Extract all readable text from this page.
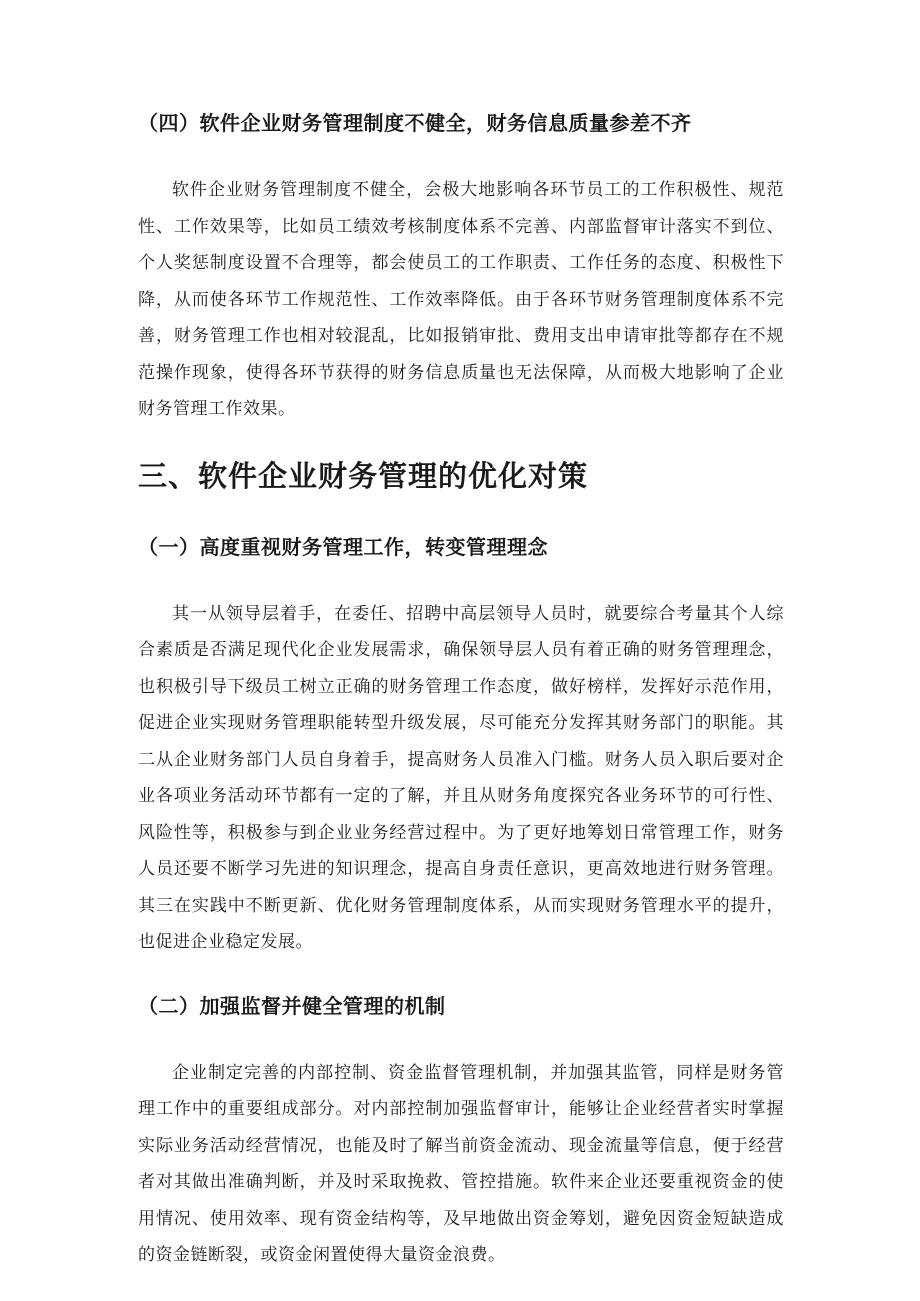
（四）软件企业财务管理制度不健全，财务信息质量参差不齐

软件企业财务管理制度不健全，会极大地影响各环节员工的工作积极性、规范性、工作效果等，比如员工绩效考核制度体系不完善、内部监督审计落实不到位、个人奖惩制度设置不合理等，都会使员工的工作职责、工作任务的态度、积极性下降，从而使各环节工作规范性、工作效率降低。由于各环节财务管理制度体系不完善，财务管理工作也相对较混乱，比如报销审批、费用支出申请审批等都存在不规范操作现象，使得各环节获得的财务信息质量也无法保障，从而极大地影响了企业财务管理工作效果。

三、软件企业财务管理的优化对策
（一）高度重视财务管理工作，转变管理理念

其一从领导层着手，在委任、招聘中高层领导人员时，就要综合考量其个人综合素质是否满足现代化企业发展需求，确保领导层人员有着正确的财务管理理念，也积极引导下级员工树立正确的财务管理工作态度，做好榜样，发挥好示范作用，促进企业实现财务管理职能转型升级发展，尽可能充分发挥其财务部门的职能。其二从企业财务部门人员自身着手，提高财务人员准入门槛。财务人员入职后要对企业各项业务活动环节都有一定的了解，并且从财务角度探究各业务环节的可行性、风险性等，积极参与到企业业务经营过程中。为了更好地筹划日常管理工作，财务人员还要不断学习先进的知识理念，提高自身责任意识，更高效地进行财务管理。其三在实践中不断更新、优化财务管理制度体系，从而实现财务管理水平的提升，也促进企业稳定发展。

（二）加强监督并健全管理的机制

企业制定完善的内部控制、资金监督管理机制，并加强其监管，同样是财务管理工作中的重要组成部分。对内部控制加强监督审计，能够让企业经营者实时掌握实际业务活动经营情况，也能及时了解当前资金流动、现金流量等信息，便于经营者对其做出准确判断，并及时采取挽救、管控措施。软件来企业还要重视资金的使用情况、使用效率、现有资金结构等，及早地做出资金筹划，避免因资金短缺造成的资金链断裂，或资金闲置使得大量资金浪费。
